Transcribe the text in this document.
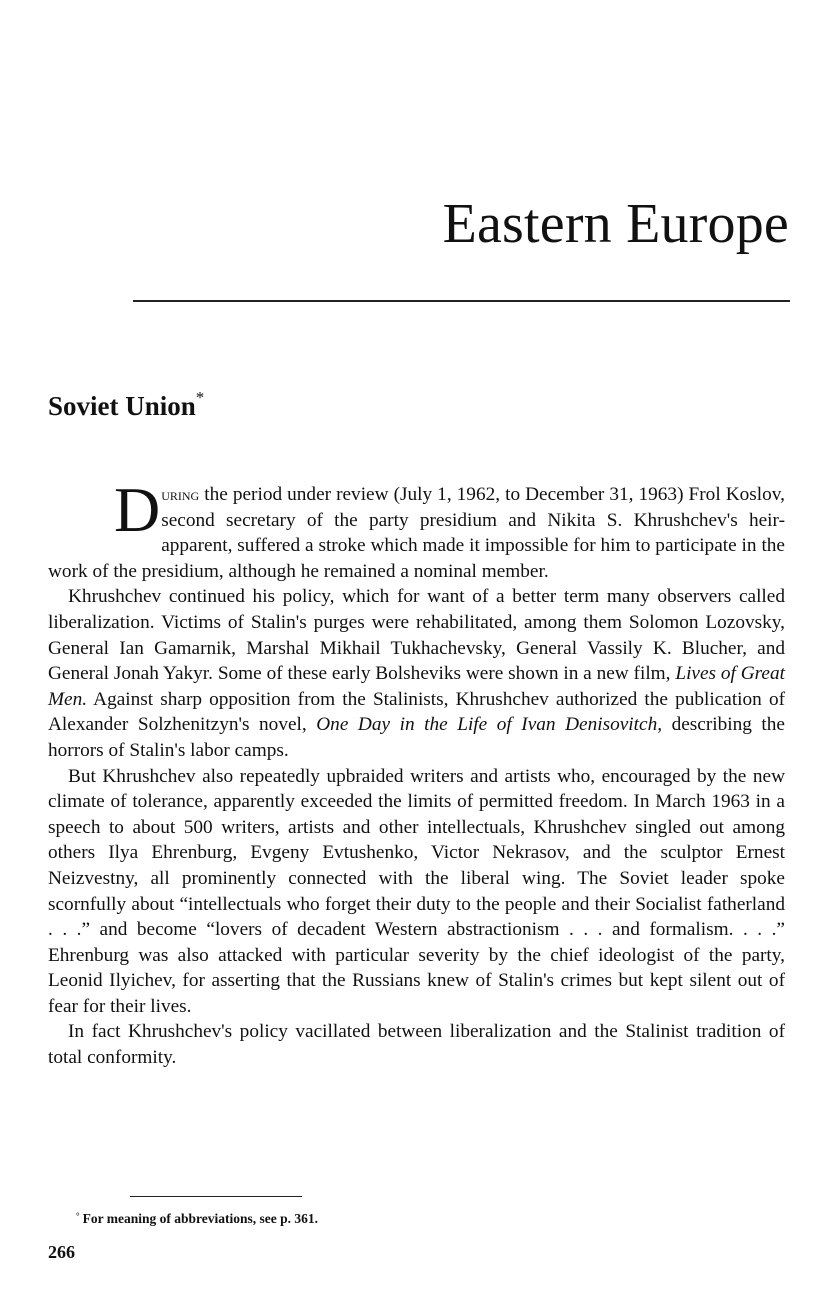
Eastern Europe
Soviet Union*

During the period under review (July 1, 1962, to December 31, 1963) Frol Koslov, second secretary of the party presidium and Nikita S. Khrushchev's heir-apparent, suffered a stroke which made it impossible for him to participate in the work of the presidium, although he remained a nominal member.

Khrushchev continued his policy, which for want of a better term many observers called liberalization. Victims of Stalin's purges were rehabilitated, among them Solomon Lozovsky, General Ian Gamarnik, Marshal Mikhail Tukhachevsky, General Vassily K. Blucher, and General Jonah Yakyr. Some of these early Bolsheviks were shown in a new film, Lives of Great Men. Against sharp opposition from the Stalinists, Khrushchev authorized the publication of Alexander Solzhenitzyn's novel, One Day in the Life of Ivan Denisovitch, describing the horrors of Stalin's labor camps.

But Khrushchev also repeatedly upbraided writers and artists who, encouraged by the new climate of tolerance, apparently exceeded the limits of permitted freedom. In March 1963 in a speech to about 500 writers, artists and other intellectuals, Khrushchev singled out among others Ilya Ehrenburg, Evgeny Evtushenko, Victor Nekrasov, and the sculptor Ernest Neizvestny, all prominently connected with the liberal wing. The Soviet leader spoke scornfully about “intellectuals who forget their duty to the people and their Socialist fatherland . . .” and become “lovers of decadent Western abstractionism . . . and formalism. . . .” Ehrenburg was also attacked with particular severity by the chief ideologist of the party, Leonid Ilyichev, for asserting that the Russians knew of Stalin's crimes but kept silent out of fear for their lives.

In fact Khrushchev's policy vacillated between liberalization and the Stalinist tradition of total conformity.

° For meaning of abbreviations, see p. 361.
266
